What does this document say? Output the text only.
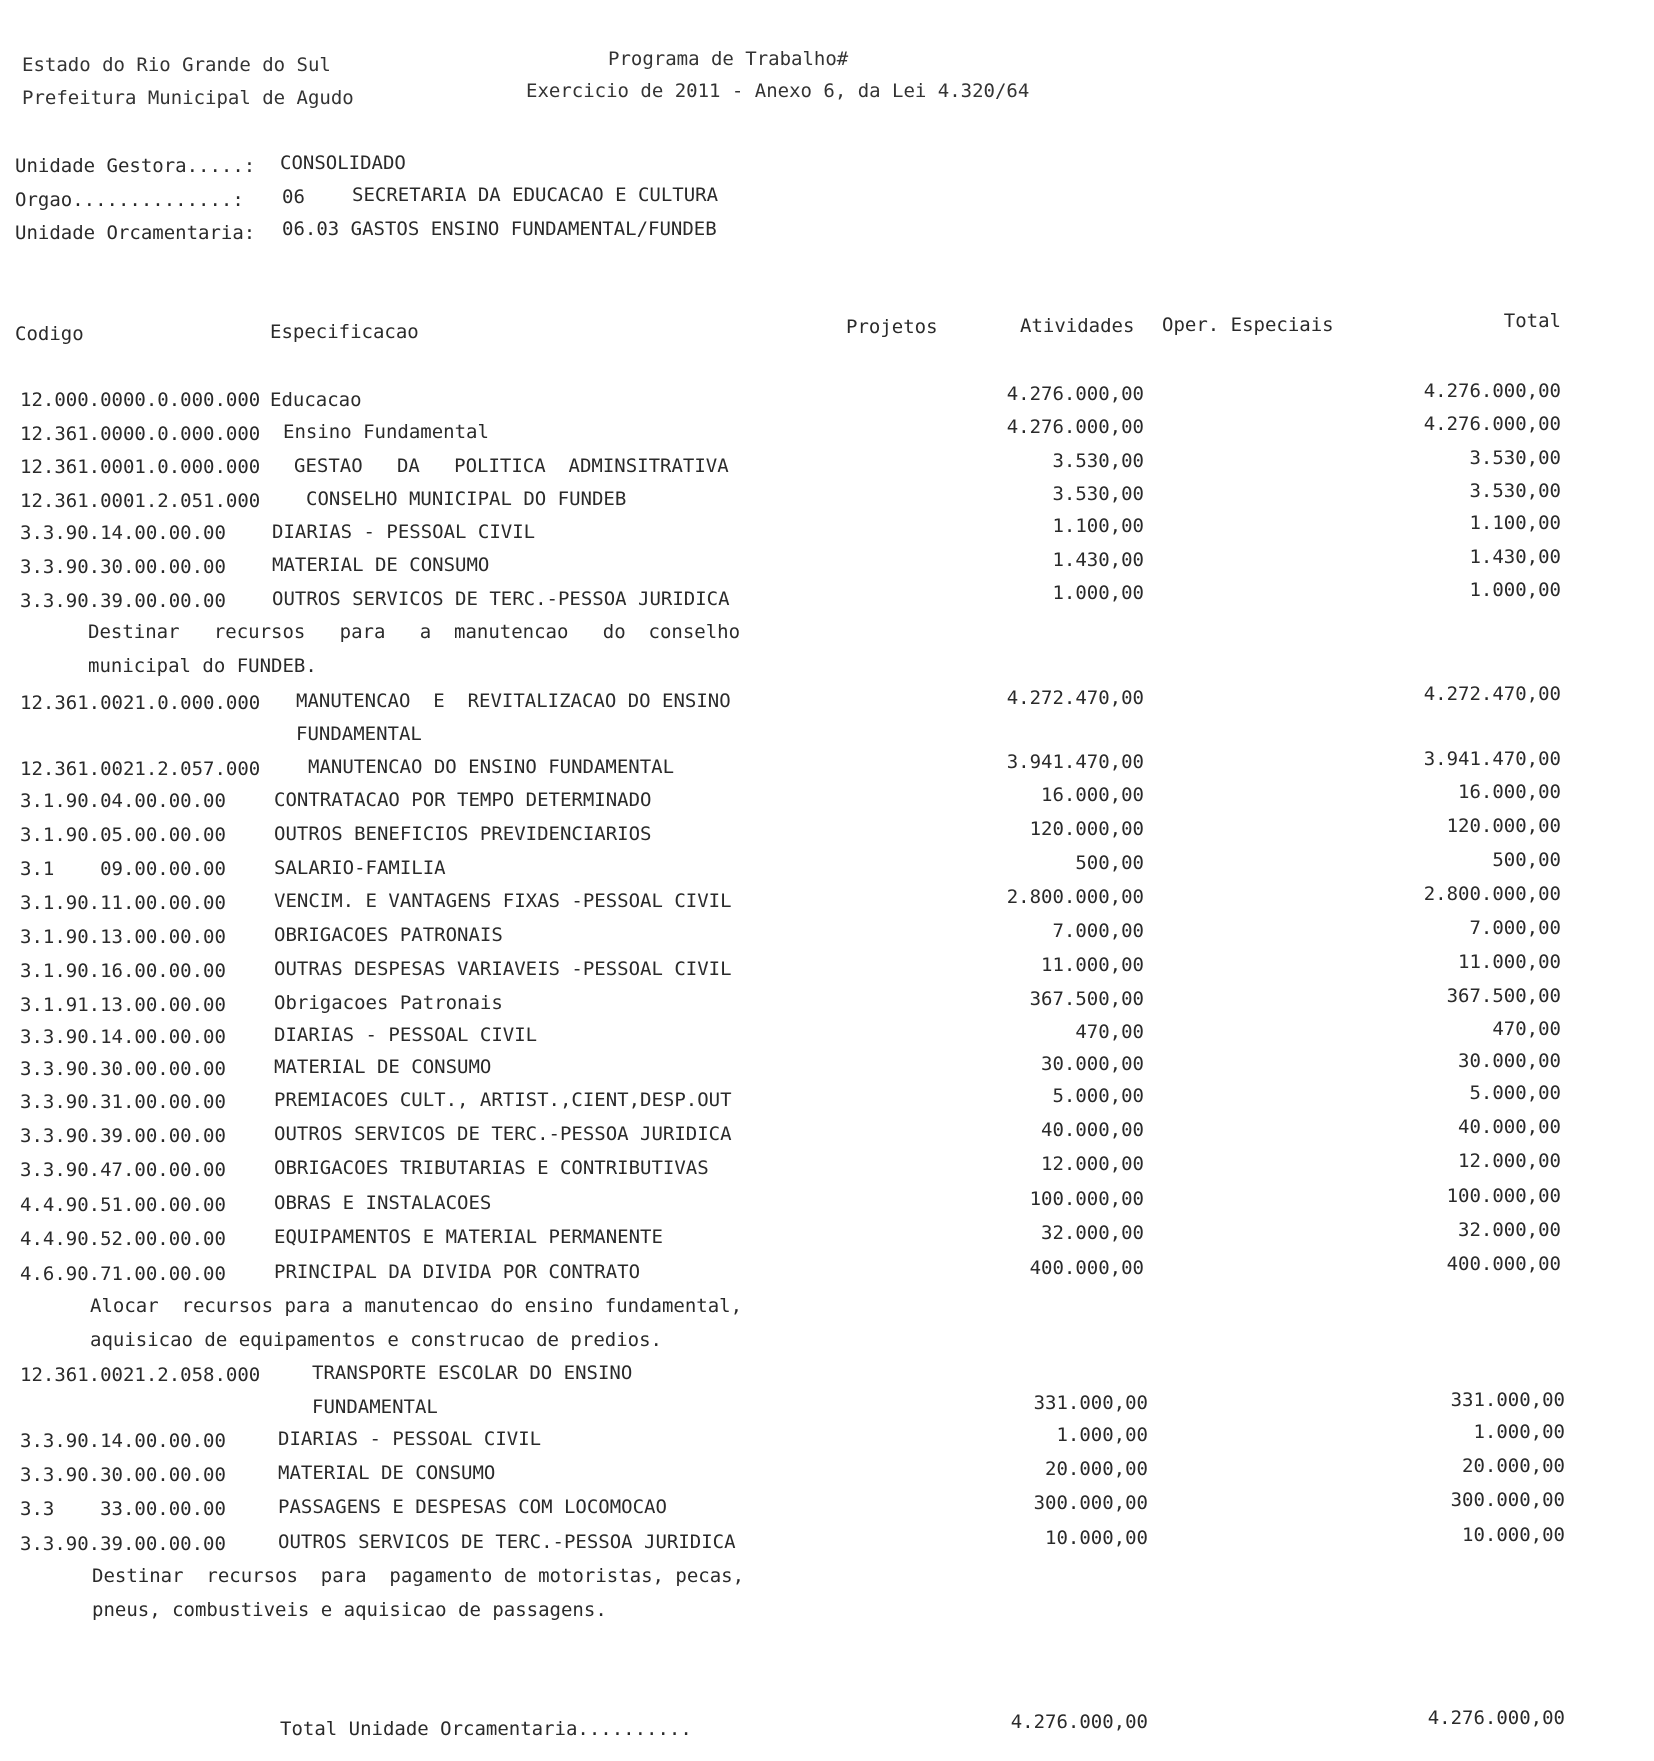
Estado do Rio Grande do Sul
Prefeitura Municipal de Agudo
Programa de Trabalho#
Exercicio de 2011 - Anexo 6, da Lei 4.320/64
Unidade Gestora.....: CONSOLIDADO
Orgao..............: 06 SECRETARIA DA EDUCACAO E CULTURA
Unidade Orcamentaria: 06.03 GASTOS ENSINO FUNDAMENTAL/FUNDEB
Codigo	Especificacao	Projetos	Atividades Oper. Especiais	Total
12.000.0000.0.000.000 Educacao	4.276.000,00	4.276.000,00
12.361.0000.0.000.000 Ensino Fundamental	4.276.000,00	4.276.000,00
12.361.0001.0.000.000 GESTAO   DA   POLITICA  ADMINSITRATIVA	3.530,00	3.530,00
12.361.0001.2.051.000 CONSELHO MUNICIPAL DO FUNDEB	3.530,00	3.530,00
3.3.90.14.00.00.00 DIARIAS - PESSOAL CIVIL	1.100,00	1.100,00
3.3.90.30.00.00.00 MATERIAL DE CONSUMO	1.430,00	1.430,00
3.3.90.39.00.00.00 OUTROS SERVICOS DE TERC.-PESSOA JURIDICA	1.000,00	1.000,00
Destinar   recursos   para   a  manutencao   do  conselho
municipal do FUNDEB.
12.361.0021.0.000.000 MANUTENCAO  E  REVITALIZACAO DO ENSINO
FUNDAMENTAL
4.272.470,00	4.272.470,00
12.361.0021.2.057.000	MANUTENCAO DO ENSINO FUNDAMENTAL	3.941.470,00	3.941.470,00
3.1.90.04.00.00.00	CONTRATACAO POR TEMPO DETERMINADO	16.000,00	16.000,00
3.1.90.05.00.00.00	OUTROS BENEFICIOS PREVIDENCIARIOS	120.000,00	120.000,00
3.1    09.00.00.00	SALARIO-FAMILIA	500,00	500,00
3.1.90.11.00.00.00	VENCIM. E VANTAGENS FIXAS -PESSOAL CIVIL	2.800.000,00	2.800.000,00
3.1.90.13.00.00.00	OBRIGACOES PATRONAIS	7.000,00	7.000,00
3.1.90.16.00.00.00	OUTRAS DESPESAS VARIAVEIS -PESSOAL CIVIL	11.000,00	11.000,00
3.1.91.13.00.00.00	Obrigacoes Patronais	367.500,00	367.500,00
3.3.90.14.00.00.00	DIARIAS - PESSOAL CIVIL	470,00	470,00
3.3.90.30.00.00.00	MATERIAL DE CONSUMO	30.000,00	30.000,00
3.3.90.31.00.00.00	PREMIACOES CULT., ARTIST.,CIENT,DESP.OUT	5.000,00	5.000,00
3.3.90.39.00.00.00	OUTROS SERVICOS DE TERC.-PESSOA JURIDICA	40.000,00	40.000,00
3.3.90.47.00.00.00	OBRIGACOES TRIBUTARIAS E CONTRIBUTIVAS	12.000,00	12.000,00
4.4.90.51.00.00.00	OBRAS E INSTALACOES	100.000,00	100.000,00
4.4.90.52.00.00.00	EQUIPAMENTOS E MATERIAL PERMANENTE	32.000,00	32.000,00
4.6.90.71.00.00.00	PRINCIPAL DA DIVIDA POR CONTRATO	400.000,00	400.000,00
Alocar  recursos para a manutencao do ensino fundamental,
aquisicao de equipamentos e construcao de predios.
12.361.0021.2.058.000	TRANSPORTE ESCOLAR DO ENSINO
FUNDAMENTAL	331.000,00	331.000,00
3.3.90.14.00.00.00	DIARIAS - PESSOAL CIVIL	1.000,00	1.000,00
3.3.90.30.00.00.00	MATERIAL DE CONSUMO	20.000,00	20.000,00
3.3    33.00.00.00	PASSAGENS E DESPESAS COM LOCOMOCAO	300.000,00	300.000,00
3.3.90.39.00.00.00	OUTROS SERVICOS DE TERC.-PESSOA JURIDICA	10.000,00	10.000,00
Destinar  recursos  para  pagamento de motoristas, pecas,
pneus, combustiveis e aquisicao de passagens.
Total Unidade Orcamentaria..........	4.276.000,00	4.276.000,00
